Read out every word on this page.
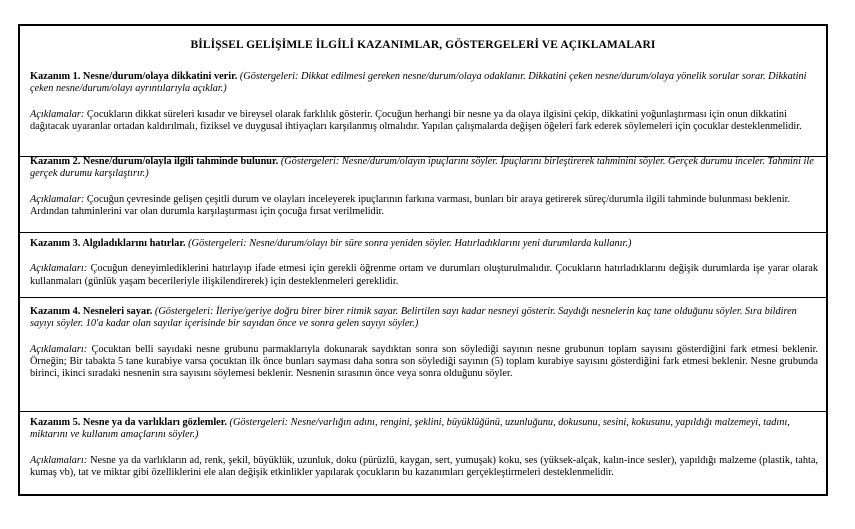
BİLİŞSEL GELİŞİMLE İLGİLİ KAZANIMLAR, GÖSTERGELERİ VE AÇIKLAMALARI

Kazanım 1. Nesne/durum/olaya dikkatini verir. (Göstergeleri: Dikkat edilmesi gereken nesne/durum/olaya odaklanır. Dikkatini çeken nesne/durum/olaya yönelik sorular sorar. Dikkatini çeken nesne/durum/olayı ayrıntılarıyla açıklar.)

Açıklamalar: Çocukların dikkat süreleri kısadır ve bireysel olarak farklılık gösterir. Çocuğun herhangi bir nesne ya da olaya ilgisini çekip, dikkatini yoğunlaştırması için onun dikkatini dağıtacak uyaranlar ortadan kaldırılmalı, fiziksel ve duygusal ihtiyaçları karşılanmış olmalıdır. Yapılan çalışmalarda değişen öğeleri fark ederek söylemeleri için çocuklar desteklenmelidir.

Kazanım 2. Nesne/durum/olayla ilgili tahminde bulunur. (Göstergeleri: Nesne/durum/olayın ipuçlarını söyler. İpuçlarını birleştirerek tahminini söyler. Gerçek durumu inceler. Tahmini ile gerçek durumu karşılaştırır.)

Açıklamalar: Çocuğun çevresinde gelişen çeşitli durum ve olayları inceleyerek ipuçlarının farkına varması, bunları bir araya getirerek süreç/durumla ilgili tahminde bulunması beklenir. Ardından tahminlerini var olan durumla karşılaştırması için çocuğa fırsat verilmelidir.

Kazanım 3. Algıladıklarını hatırlar. (Göstergeleri: Nesne/durum/olayı bir süre sonra yeniden söyler. Hatırladıklarını yeni durumlarda kullanır.)

Açıklamaları: Çocuğun deneyimlediklerini hatırlayıp ifade etmesi için gerekli öğrenme ortam ve durumları oluşturulmalıdır. Çocukların hatırladıklarını değişik durumlarda işe yarar olarak kullanmaları (günlük yaşam becerileriyle ilişkilendirerek) için desteklenmeleri gereklidir.

Kazanım 4. Nesneleri sayar. (Göstergeleri: İleriye/geriye doğru birer birer ritmik sayar. Belirtilen sayı kadar nesneyi gösterir. Saydığı nesnelerin kaç tane olduğunu söyler. Sıra bildiren sayıyı söyler. 10'a kadar olan sayılar içerisinde bir sayıdan önce ve sonra gelen sayıyı söyler.)

Açıklamaları: Çocuktan belli sayıdaki nesne grubunu parmaklarıyla dokunarak saydıktan sonra son söylediği sayının nesne grubunun toplam sayısını gösterdiğini fark etmesi beklenir. Örneğin; Bir tabakta 5 tane kurabiye varsa çocuktan ilk önce bunları sayması daha sonra son söylediği sayının (5) toplam kurabiye sayısını gösterdiğini fark etmesi beklenir. Nesne grubunda birinci, ikinci sıradaki nesnenin sıra sayısını söylemesi beklenir. Nesnenin sırasının önce veya sonra olduğunu söyler.

Kazanım 5. Nesne ya da varlıkları gözlemler. (Göstergeleri: Nesne/varlığın adını, rengini, şeklini, büyüklüğünü, uzunluğunu, dokusunu, sesini, kokusunu, yapıldığı malzemeyi, tadını, miktarını ve kullanım amaçlarını söyler.)

Açıklamaları: Nesne ya da varlıkların ad, renk, şekil, büyüklük, uzunluk, doku (pürüzlü, kaygan, sert, yumuşak) koku, ses (yüksek-alçak, kalın-ince sesler), yapıldığı malzeme (plastik, tahta, kumaş vb), tat ve miktar gibi özelliklerini ele alan değişik etkinlikler yapılarak çocukların bu kazanımları gerçekleştirmeleri desteklenmelidir.
